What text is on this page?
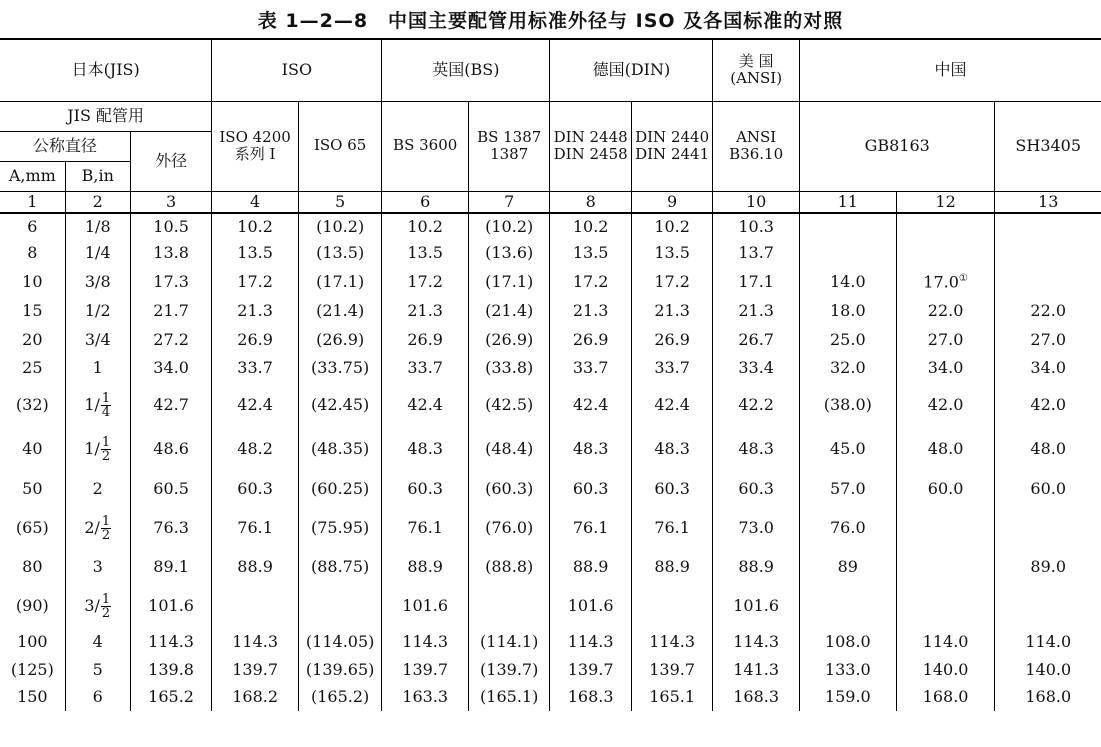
表 1—2—8　中国主要配管用标准外径与 ISO 及各国标准的对照
日本(JIS)			ISO		英国(BS)		德国(DIN)		美 国 (ANSI)	中国		
JIS 配管用			ISO 4200 系列 I	ISO 65	BS 3600	BS 1387 1387	DIN 2448 DIN 2458	DIN 2440 DIN 2441	ANSI B36.10	GB8163		SH3405
公称直径		外径										
A,mm	B,in											
1	2	3	4	5	6	7	8	9	10	11	12	13
6	1/8	10.5	10.2	(10.2)	10.2	(10.2)	10.2	10.2	10.3			
8	1/4	13.8	13.5	(13.5)	13.5	(13.6)	13.5	13.5	13.7			
10	3/8	17.3	17.2	(17.1)	17.2	(17.1)	17.2	17.2	17.1	14.0	17.0①	
15	1/2	21.7	21.3	(21.4)	21.3	(21.4)	21.3	21.3	21.3	18.0	22.0	22.0
20	3/4	27.2	26.9	(26.9)	26.9	(26.9)	26.9	26.9	26.7	25.0	27.0	27.0
25	1	34.0	33.7	(33.75)	33.7	(33.8)	33.7	33.7	33.4	32.0	34.0	34.0
(32)	$1/ \frac{1}{4}$	42.7	42.4	(42.45)	42.4	(42.5)	42.4	42.4	42.2	(38.0)	42.0	42.0
40	$1/ \frac{1}{2}$	48.6	48.2	(48.35)	48.3	(48.4)	48.3	48.3	48.3	45.0	48.0	48.0
50	2	60.5	60.3	(60.25)	60.3	(60.3)	60.3	60.3	60.3	57.0	60.0	60.0
(65)	$2/ \frac{1}{2}$	76.3	76.1	(75.95)	76.1	(76.0)	76.1	76.1	73.0	76.0		
80	3	89.1	88.9	(88.75)	88.9	(88.8)	88.9	88.9	88.9	89		89.0
(90)	$3/ \frac{1}{2}$	101.6			101.6		101.6		101.6			
100	4	114.3	114.3	(114.05)	114.3	(114.1)	114.3	114.3	114.3	108.0	114.0	114.0
(125)	5	139.8	139.7	(139.65)	139.7	(139.7)	139.7	139.7	141.3	133.0	140.0	140.0
150	6	165.2	168.2	(165.2)	163.3	(165.1)	168.3	165.1	168.3	159.0	168.0	168.0
